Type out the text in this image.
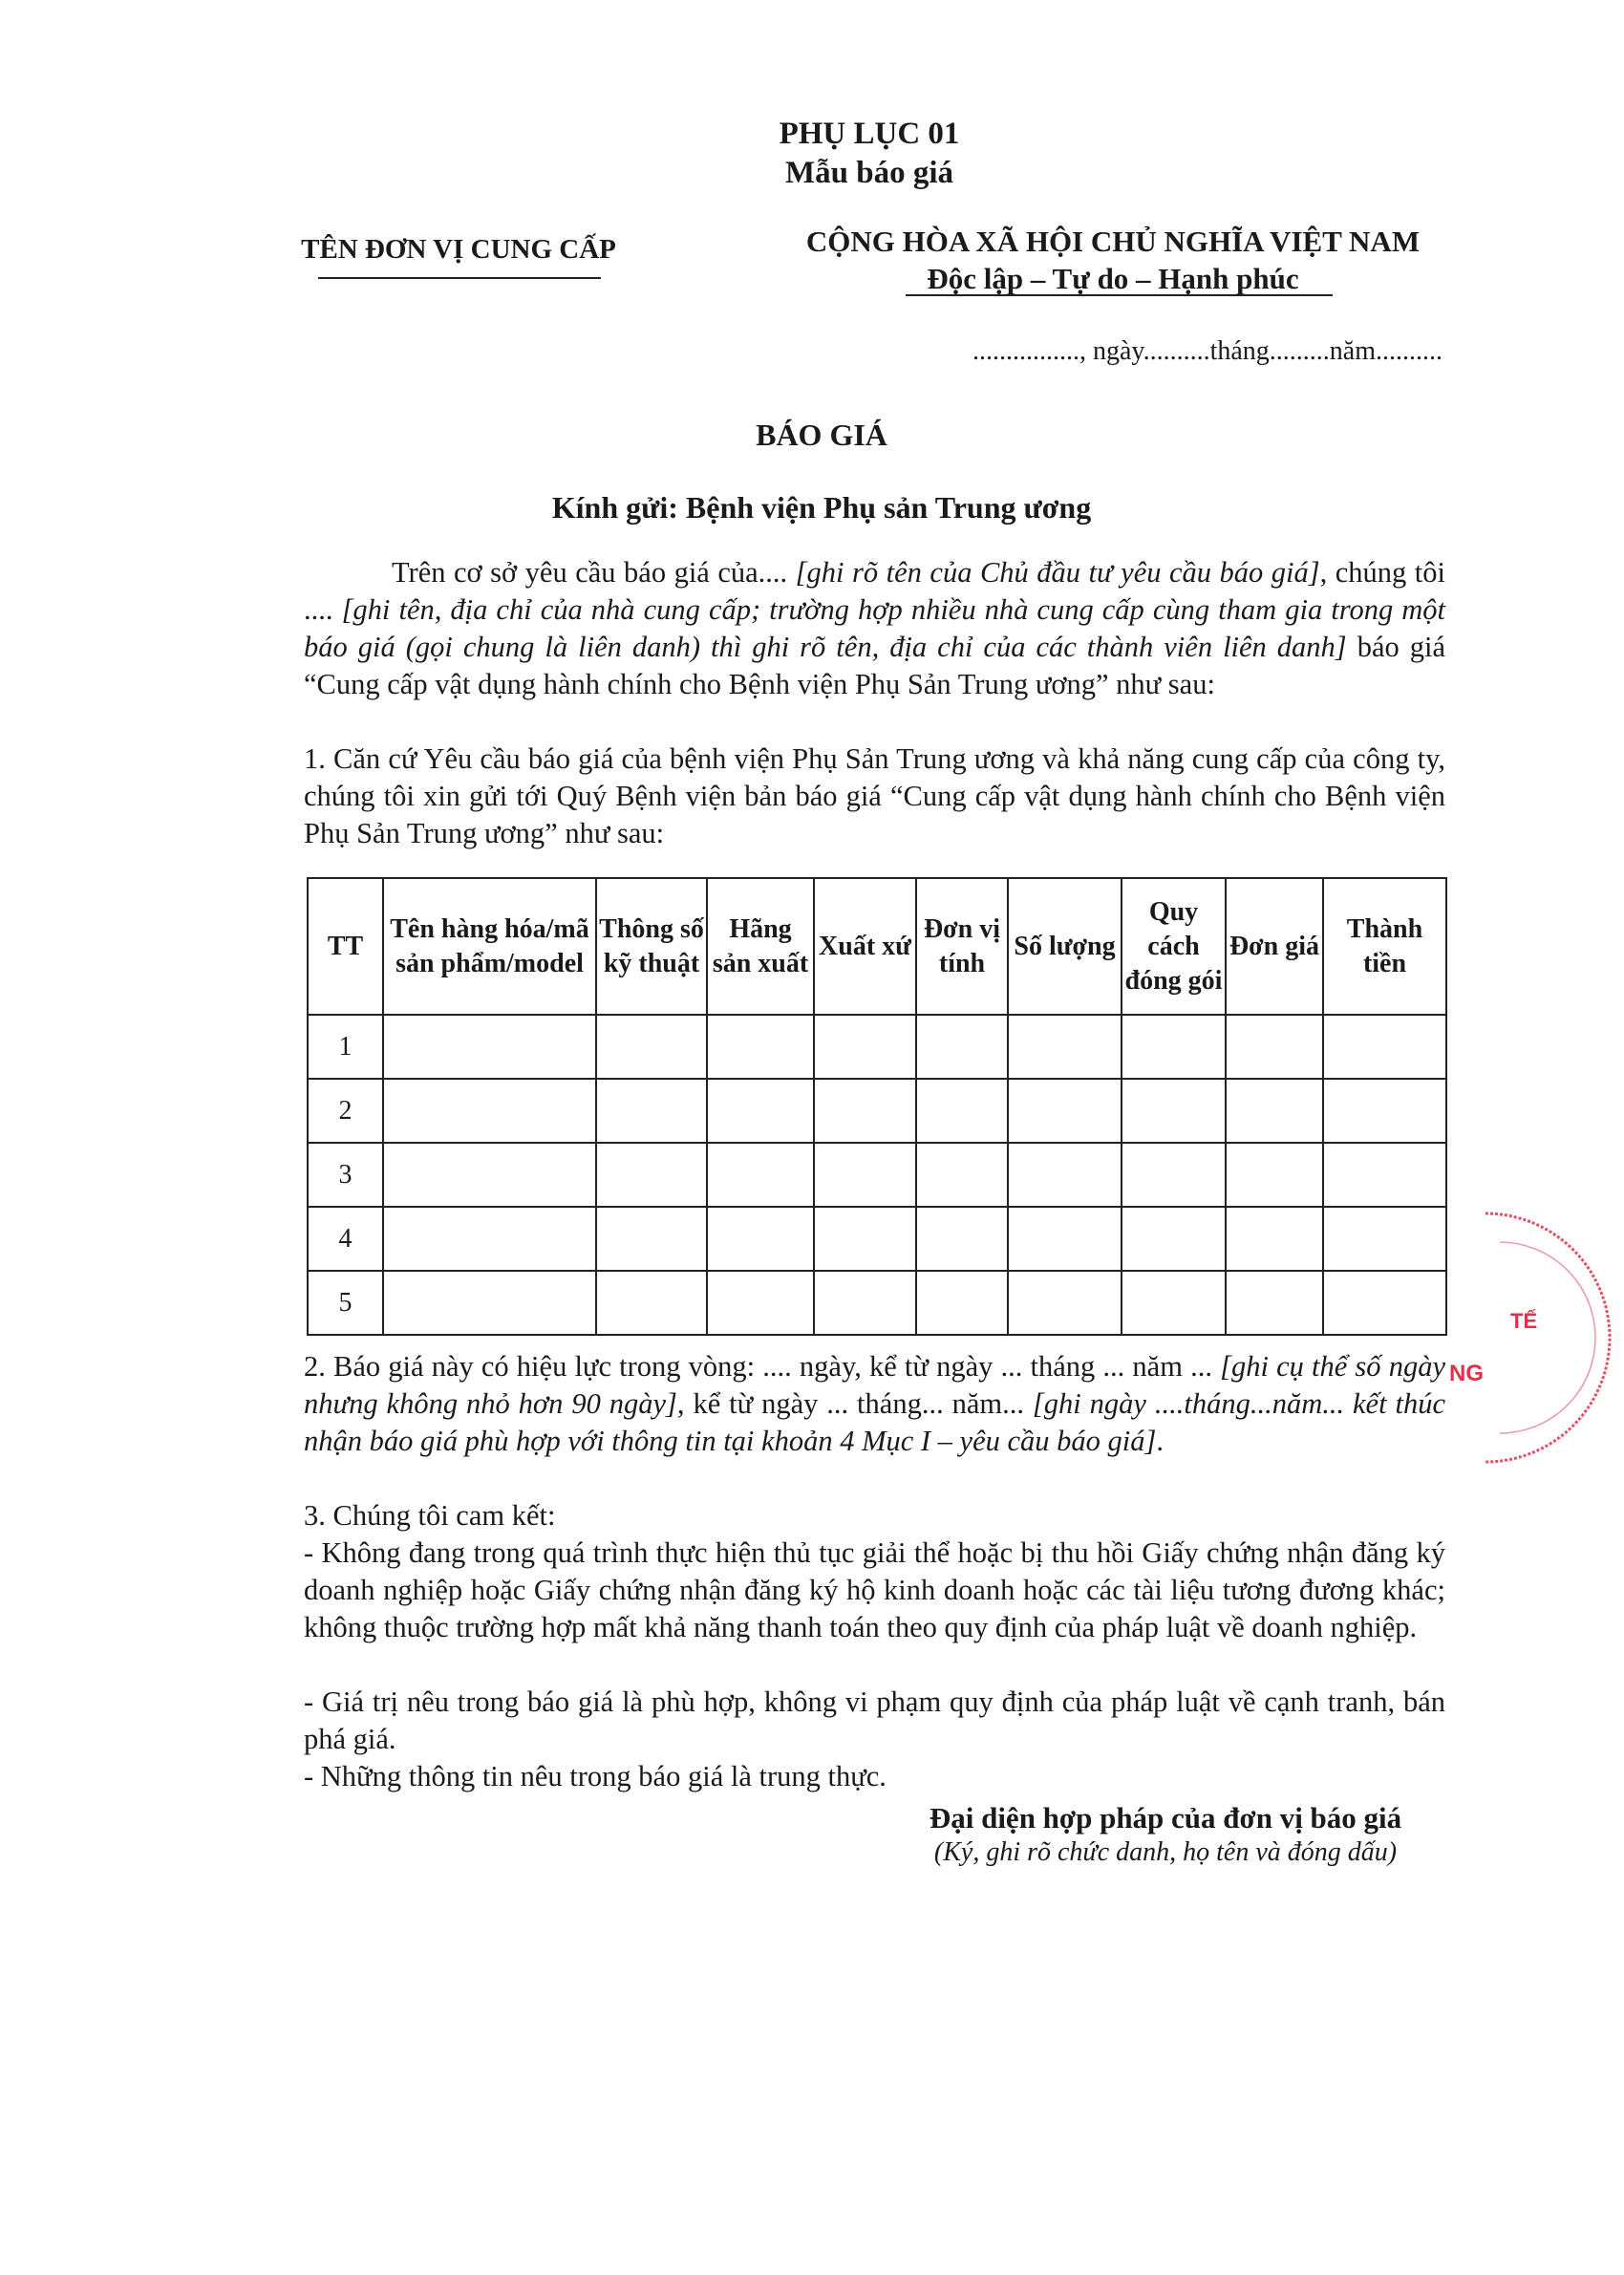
PHỤ LỤC 01
Mẫu báo giá
TÊN ĐƠN VỊ CUNG CẤP	CỘNG HÒA XÃ HỘI CHỦ NGHĨA VIỆT NAM
Độc lập – Tự do – Hạnh phúc
................, ngày..........tháng.........năm..........
BÁO GIÁ
Kính gửi: Bệnh viện Phụ sản Trung ương
Trên cơ sở yêu cầu báo giá của.... [ghi rõ tên của Chủ đầu tư yêu cầu báo giá], chúng tôi .... [ghi tên, địa chỉ của nhà cung cấp; trường hợp nhiều nhà cung cấp cùng tham gia trong một báo giá (gọi chung là liên danh) thì ghi rõ tên, địa chỉ của các thành viên liên danh] báo giá “Cung cấp vật dụng hành chính cho Bệnh viện Phụ Sản Trung ương” như sau:
1. Căn cứ Yêu cầu báo giá của bệnh viện Phụ Sản Trung ương và khả năng cung cấp của công ty, chúng tôi xin gửi tới Quý Bệnh viện bản báo giá “Cung cấp vật dụng hành chính cho Bệnh viện Phụ Sản Trung ương” như sau:
TT	Tên hàng hóa/mã sản phẩm/model	Thông số kỹ thuật	Hãng sản xuất	Xuất xứ	Đơn vị tính	Số lượng	Quy cách đóng gói	Đơn giá	Thành tiền
1									
2									
3									
4									
5									
2. Báo giá này có hiệu lực trong vòng: .... ngày, kể từ ngày ... tháng ... năm ... [ghi cụ thể số ngày nhưng không nhỏ hơn 90 ngày], kể từ ngày ... tháng... năm... [ghi ngày ....tháng...năm... kết thúc nhận báo giá phù hợp với thông tin tại khoản 4 Mục I – yêu cầu báo giá].
3. Chúng tôi cam kết:
- Không đang trong quá trình thực hiện thủ tục giải thể hoặc bị thu hồi Giấy chứng nhận đăng ký doanh nghiệp hoặc Giấy chứng nhận đăng ký hộ kinh doanh hoặc các tài liệu tương đương khác; không thuộc trường hợp mất khả năng thanh toán theo quy định của pháp luật về doanh nghiệp.
- Giá trị nêu trong báo giá là phù hợp, không vi phạm quy định của pháp luật về cạnh tranh, bán phá giá.
- Những thông tin nêu trong báo giá là trung thực.
Đại diện hợp pháp của đơn vị báo giá
(Ký, ghi rõ chức danh, họ tên và đóng dấu)
TẾ
NG
